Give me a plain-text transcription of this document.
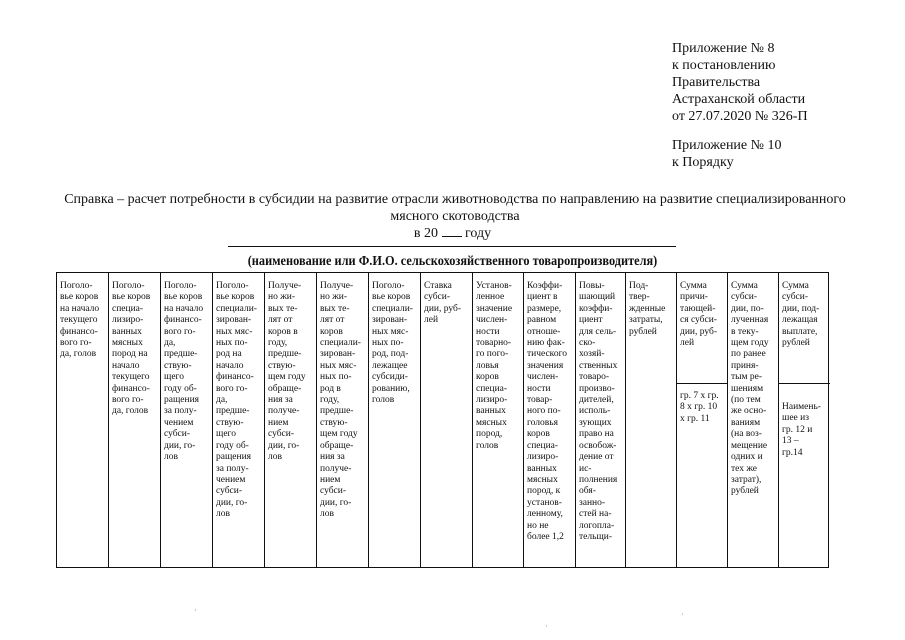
Приложение № 8
к постановлению
Правительства
Астраханской области
от 27.07.2020 № 326-П
Приложение № 10
к Порядку
Справка – расчет потребности в субсидии на развитие отрасли животноводства по направлению на развитие специализированного мясного скотоводства
в 20 году
(наименование или Ф.И.О. сельскохозяйственного товаропроизводителя)
Поголо-
вье коров
на начало
текущего
финансо-
вого го-
да, голов
Поголо-
вье коров
специа-
лизиро-
ванных
мясных
пород на
начало
текущего
финансо-
вого го-
да, голов
Поголо-
вье коров
на начало
финансо-
вого го-
да,
предше-
ствую-
щего
году об-
ращения
за полу-
чением
субси-
дии, го-
лов
Поголо-
вье коров
специали-
зирован-
ных мяс-
ных по-
род на
начало
финансо-
вого го-
да,
предше-
ствую-
щего
году об-
ращения
за полу-
чением
субси-
дии, го-
лов
Получе-
но жи-
вых те-
лят от
коров в
году,
предше-
ствую-
щем году
обраще-
ния за
получе-
нием
субси-
дии, го-
лов
Получе-
но жи-
вых те-
лят от
коров
специали-
зирован-
ных мяс-
ных по-
род в
году,
предше-
ствую-
щем году
обраще-
ния за
получе-
нием
субси-
дии, го-
лов
Поголо-
вье коров
специали-
зирован-
ных мяс-
ных по-
род, под-
лежащее
субсиди-
рованию,
голов
Ставка
субси-
дии, руб-
лей
Установ-
ленное
значение
числен-
ности
товарно-
го пого-
ловья
коров
специа-
лизиро-
ванных
мясных
пород,
голов
Коэффи-
циент в
размере,
равном
отноше-
нию фак-
тического
значения
числен-
ности
товар-
ного по-
головья
коров
специа-
лизиро-
ванных
мясных
пород, к
установ-
ленному,
но не
более 1,2
Повы-
шающий
коэффи-
циент
для сель-
ско-
хозяй-
ственных
товаро-
произво-
дителей,
исполь-
зующих
право на
освобож-
дение от
ис-
полнения
обя-
занно-
стей на-
логопла-
тельщи-
Под-
твер-
жденные
затраты,
рублей
Сумма
причи-
тающей-
ся субси-
дии, руб-
лей
гр. 7 х гр.
8 х гр. 10
х гр. 11
Сумма
субси-
дии, по-
лученная
в теку-
щем году
по ранее
приня-
тым ре-
шениям
(по тем
же осно-
ваниям
(на воз-
мещение
одних и
тех же
затрат),
рублей
Сумма
субси-
дии, под-
лежащая
выплате,
рублей
Наимень-
шее из
гр. 12 и
13 –
гр.14
·
·
·
